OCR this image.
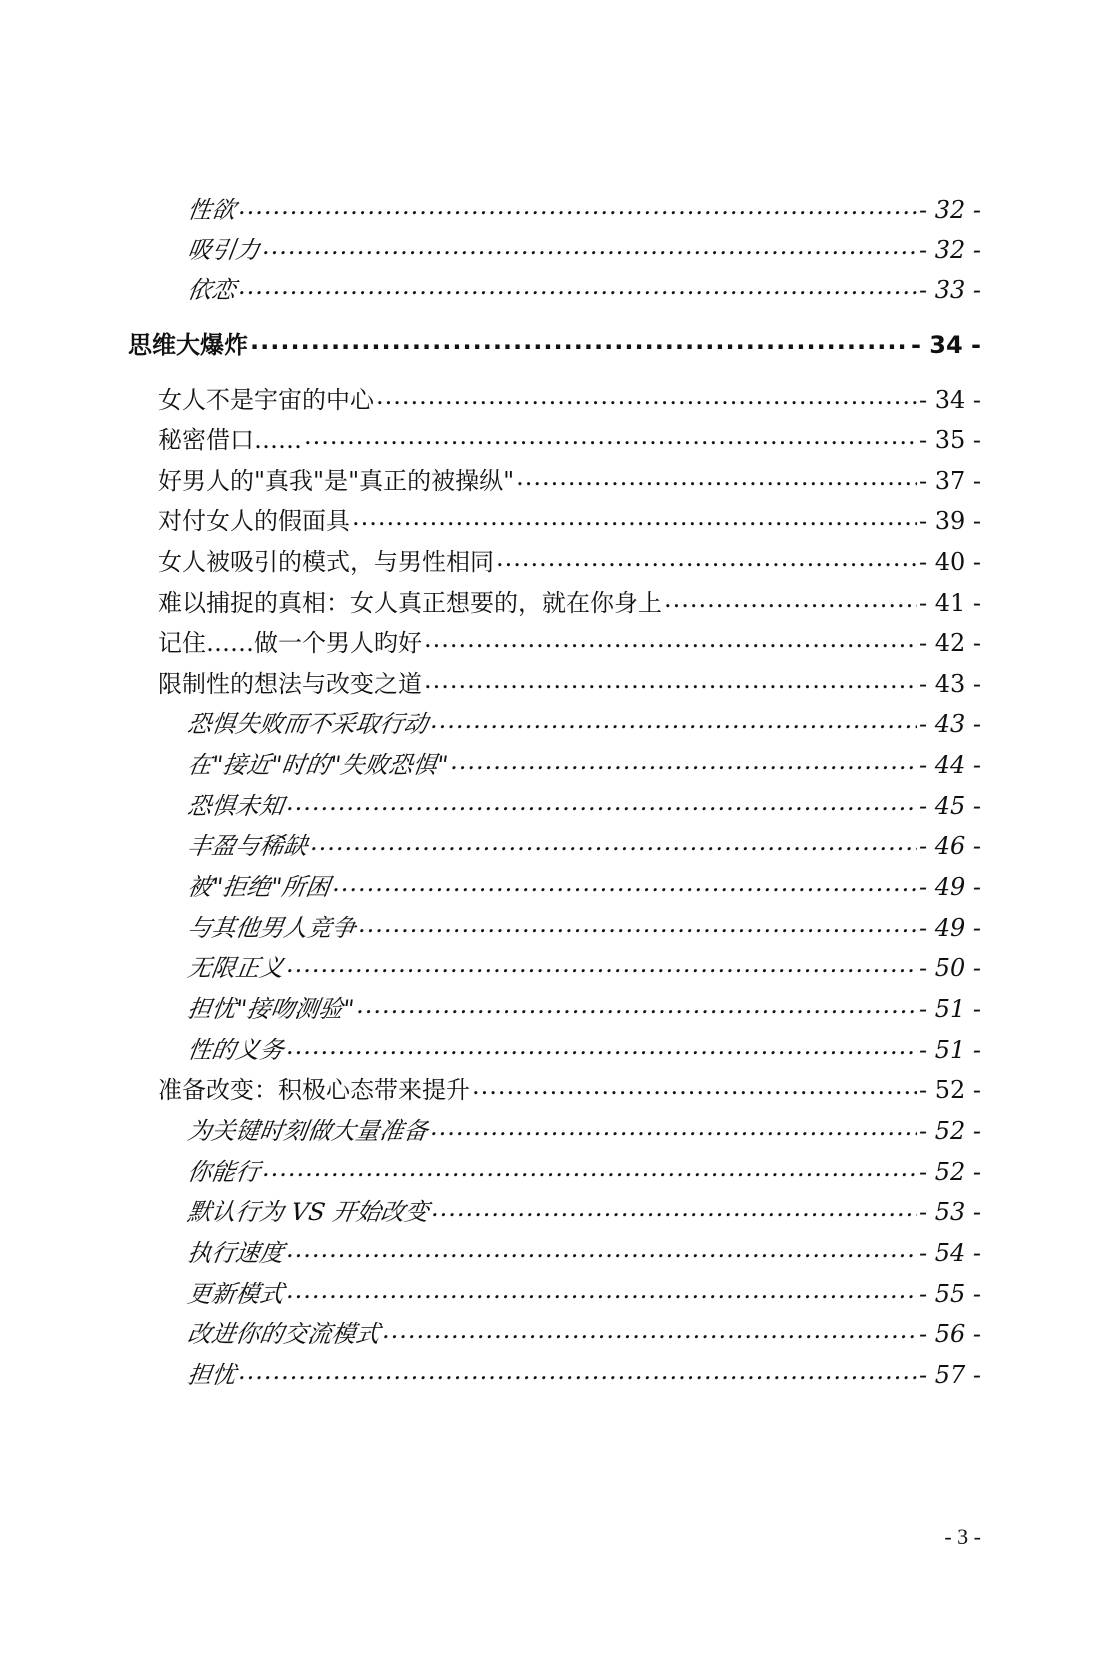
性欲 .....	- 32 -
吸引力 .....	- 32 -
依恋 .....	- 33 -
思维大爆炸 .....	- 34 -
女人不是宇宙的中心 .....	- 34 -
秘密借口…… .....	- 35 -
好男人的"真我"是"真正的被操纵" .....	- 37 -
对付女人的假面具 .....	- 39 -
女人被吸引的模式，与男性相同 .....	- 40 -
难以捕捉的真相：女人真正想要的，就在你身上 .....	- 41 -
记住……做一个男人昀好 .....	- 42 -
限制性的想法与改变之道 .....	- 43 -
恐惧失败而不采取行动 .....	- 43 -
在"接近"时的"失败恐惧" .....	- 44 -
恐惧未知 .....	- 45 -
丰盈与稀缺 .....	- 46 -
被"拒绝"所困 .....	- 49 -
与其他男人竞争 .....	- 49 -
无限正义 .....	- 50 -
担忧"接吻测验" .....	- 51 -
性的义务 .....	- 51 -
准备改变：积极心态带来提升 .....	- 52 -
为关键时刻做大量准备 .....	- 52 -
你能行 .....	- 52 -
默认行为 VS 开始改变 .....	- 53 -
执行速度 .....	- 54 -
更新模式 .....	- 55 -
改进你的交流模式 .....	- 56 -
担忧 .....	- 57 -
- 3 -
